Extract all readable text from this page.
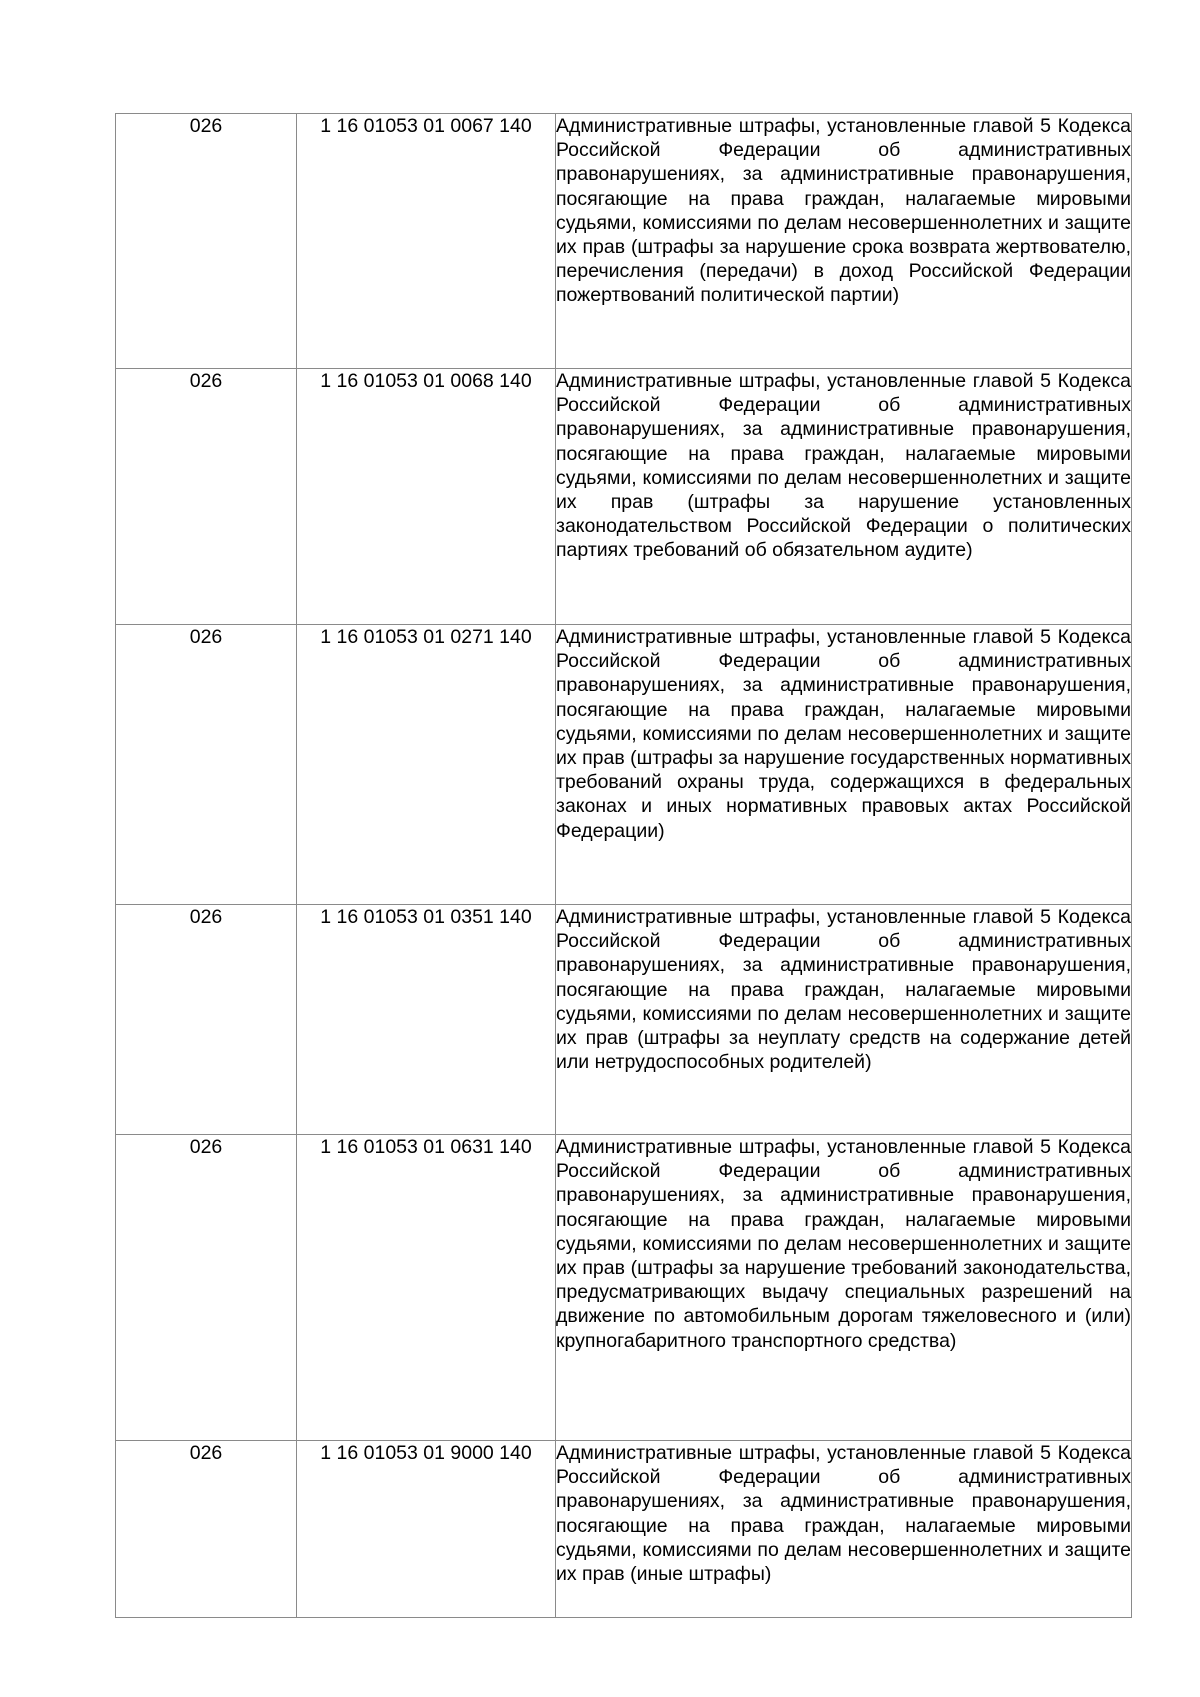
026	1 16 01053 01 0067 140	Административные штрафы, установленные главой 5 Кодекса Российской Федерации об административных правонарушениях, за административные правонарушения, посягающие на права граждан, налагаемые мировыми судьями, комиссиями по делам несовершеннолетних и защите их прав (штрафы за нарушение срока возврата жертвователю, перечисления (передачи) в доход Российской Федерации пожертвований политической партии)

026	1 16 01053 01 0068 140	Административные штрафы, установленные главой 5 Кодекса Российской Федерации об административных правонарушениях, за административные правонарушения, посягающие на права граждан, налагаемые мировыми судьями, комиссиями по делам несовершеннолетних и защите их прав (штрафы за нарушение установленных законодательством Российской Федерации о политических партиях требований об обязательном аудите)

026	1 16 01053 01 0271 140	Административные штрафы, установленные главой 5 Кодекса Российской Федерации об административных правонарушениях, за административные правонарушения, посягающие на права граждан, налагаемые мировыми судьями, комиссиями по делам несовершеннолетних и защите их прав (штрафы за нарушение государственных нормативных требований охраны труда, содержащихся в федеральных законах и иных нормативных правовых актах Российской Федерации)

026	1 16 01053 01 0351 140	Административные штрафы, установленные главой 5 Кодекса Российской Федерации об административных правонарушениях, за административные правонарушения, посягающие на права граждан, налагаемые мировыми судьями, комиссиями по делам несовершеннолетних и защите их прав (штрафы за неуплату средств на содержание детей или нетрудоспособных родителей)

026	1 16 01053 01 0631 140	Административные штрафы, установленные главой 5 Кодекса Российской Федерации об административных правонарушениях, за административные правонарушения, посягающие на права граждан, налагаемые мировыми судьями, комиссиями по делам несовершеннолетних и защите их прав (штрафы за нарушение требований законодательства, предусматривающих выдачу специальных разрешений на движение по автомобильным дорогам тяжеловесного и (или) крупногабаритного транспортного средства)

026	1 16 01053 01 9000 140	Административные штрафы, установленные главой 5 Кодекса Российской Федерации об административных правонарушениях, за административные правонарушения, посягающие на права граждан, налагаемые мировыми судьями, комиссиями по делам несовершеннолетних и защите их прав (иные штрафы)
